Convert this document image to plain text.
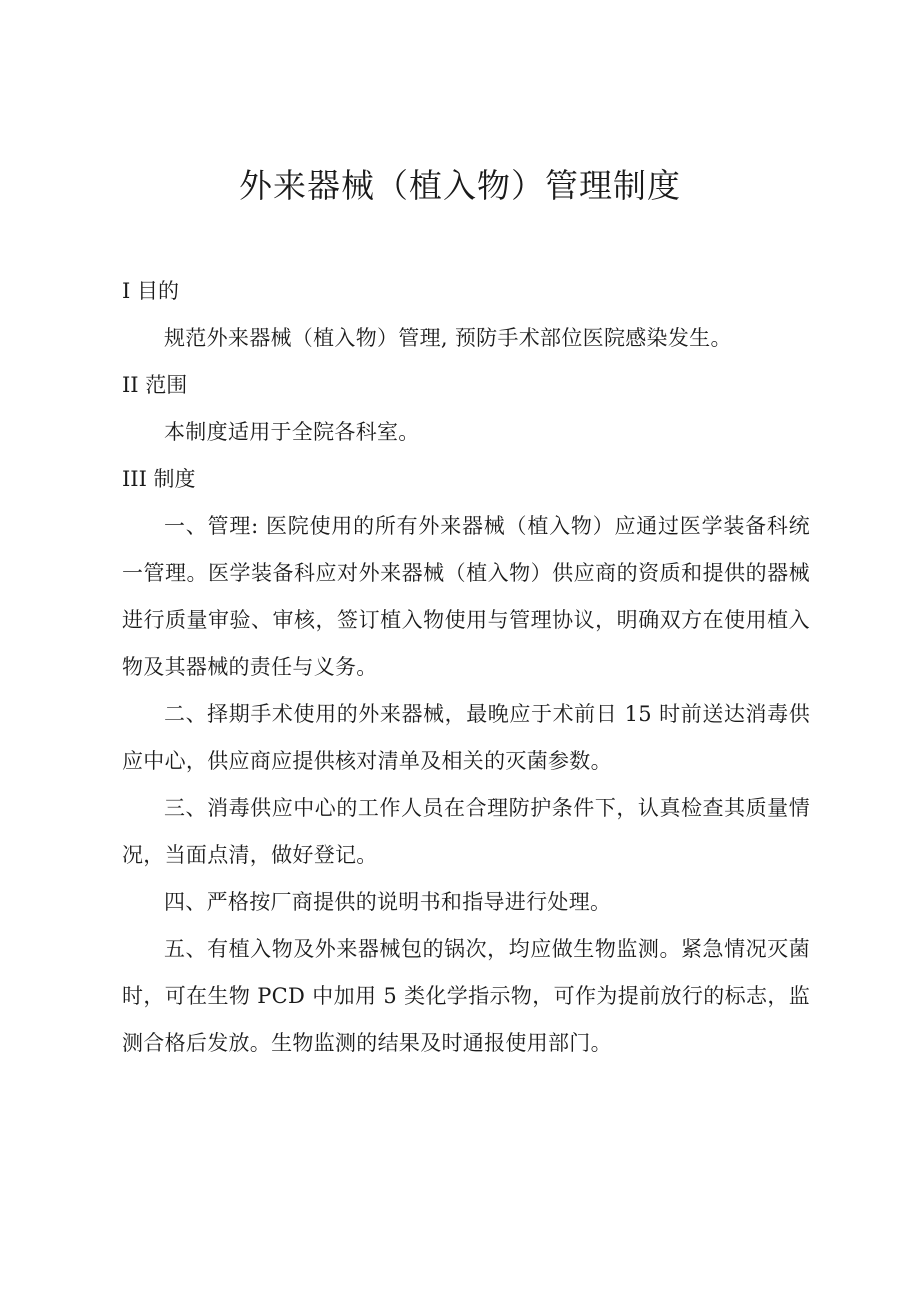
外来器械（植入物）管理制度
I 目的

规范外来器械（植入物）管理, 预防手术部位医院感染发生。

II 范围

本制度适用于全院各科室。

III 制度

一、管理: 医院使用的所有外来器械（植入物）应通过医学装备科统一管理。医学装备科应对外来器械（植入物）供应商的资质和提供的器械进行质量审验、审核，签订植入物使用与管理协议，明确双方在使用植入物及其器械的责任与义务。

二、择期手术使用的外来器械，最晚应于术前日 15 时前送达消毒供应中心，供应商应提供核对清单及相关的灭菌参数。

三、消毒供应中心的工作人员在合理防护条件下，认真检查其质量情况，当面点清，做好登记。

四、严格按厂商提供的说明书和指导进行处理。

五、有植入物及外来器械包的锅次，均应做生物监测。紧急情况灭菌时，可在生物 PCD 中加用 5 类化学指示物，可作为提前放行的标志，监测合格后发放。生物监测的结果及时通报使用部门。
